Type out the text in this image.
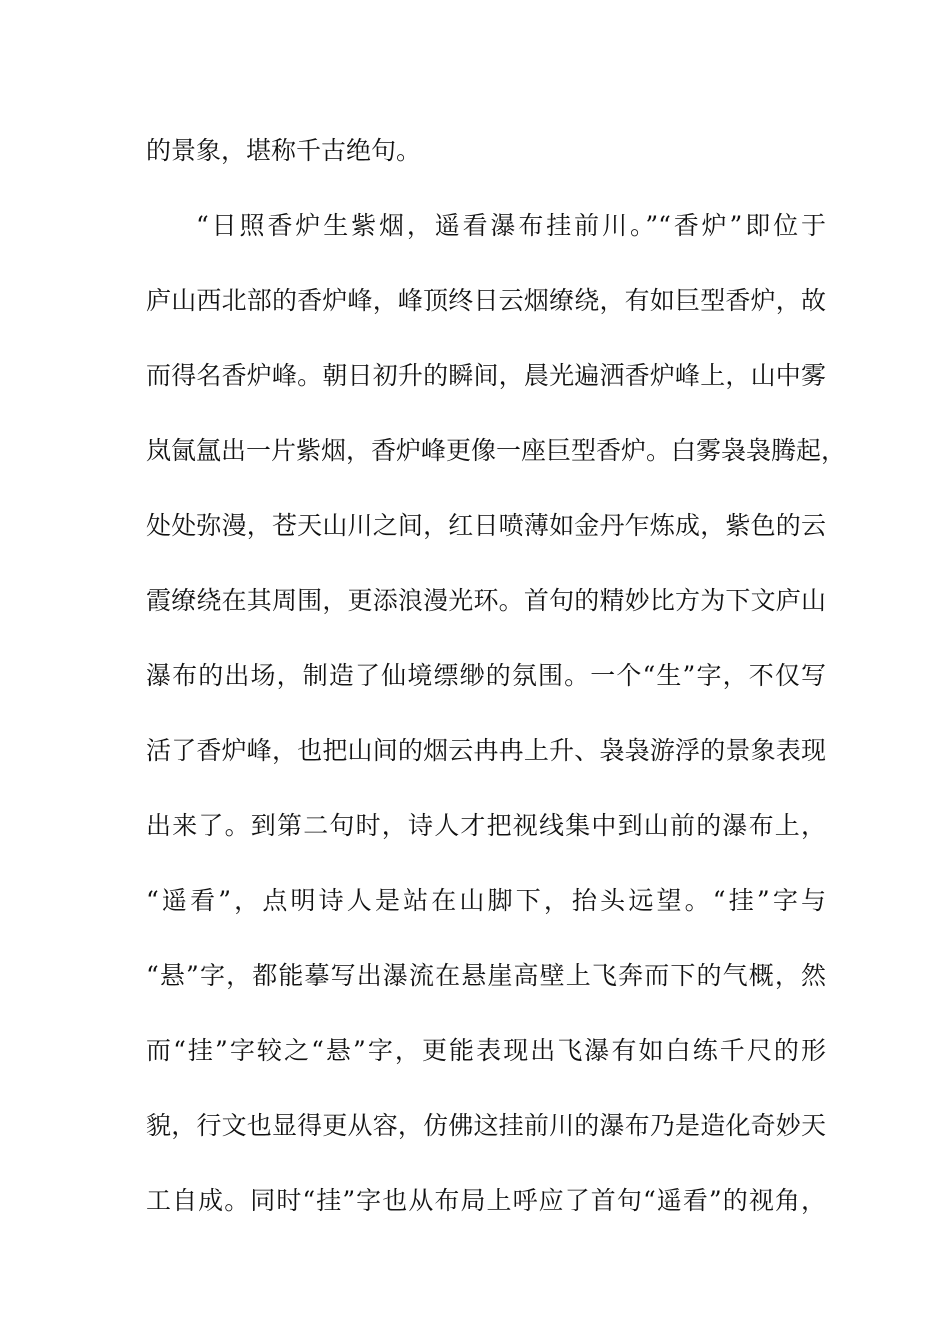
的景象，堪称千古绝句。
“日照香炉生紫烟，遥看瀑布挂前川。”“香炉”即位于
庐山西北部的香炉峰，峰顶终日云烟缭绕，有如巨型香炉，故
而得名香炉峰。朝日初升的瞬间，晨光遍洒香炉峰上，山中雾
岚氤氲出一片紫烟，香炉峰更像一座巨型香炉。白雾袅袅腾起，
处处弥漫，苍天山川之间，红日喷薄如金丹乍炼成，紫色的云
霞缭绕在其周围，更添浪漫光环。首句的精妙比方为下文庐山
瀑布的出场，制造了仙境缥缈的氛围。一个“生”字，不仅写
活了香炉峰，也把山间的烟云冉冉上升、袅袅游浮的景象表现
出来了。到第二句时，诗人才把视线集中到山前的瀑布上，
“遥看”，点明诗人是站在山脚下，抬头远望。“挂”字与
“悬”字，都能摹写出瀑流在悬崖高壁上飞奔而下的气概，然
而“挂”字较之“悬”字，更能表现出飞瀑有如白练千尺的形
貌，行文也显得更从容，仿佛这挂前川的瀑布乃是造化奇妙天
工自成。同时“挂”字也从布局上呼应了首句“遥看”的视角，
